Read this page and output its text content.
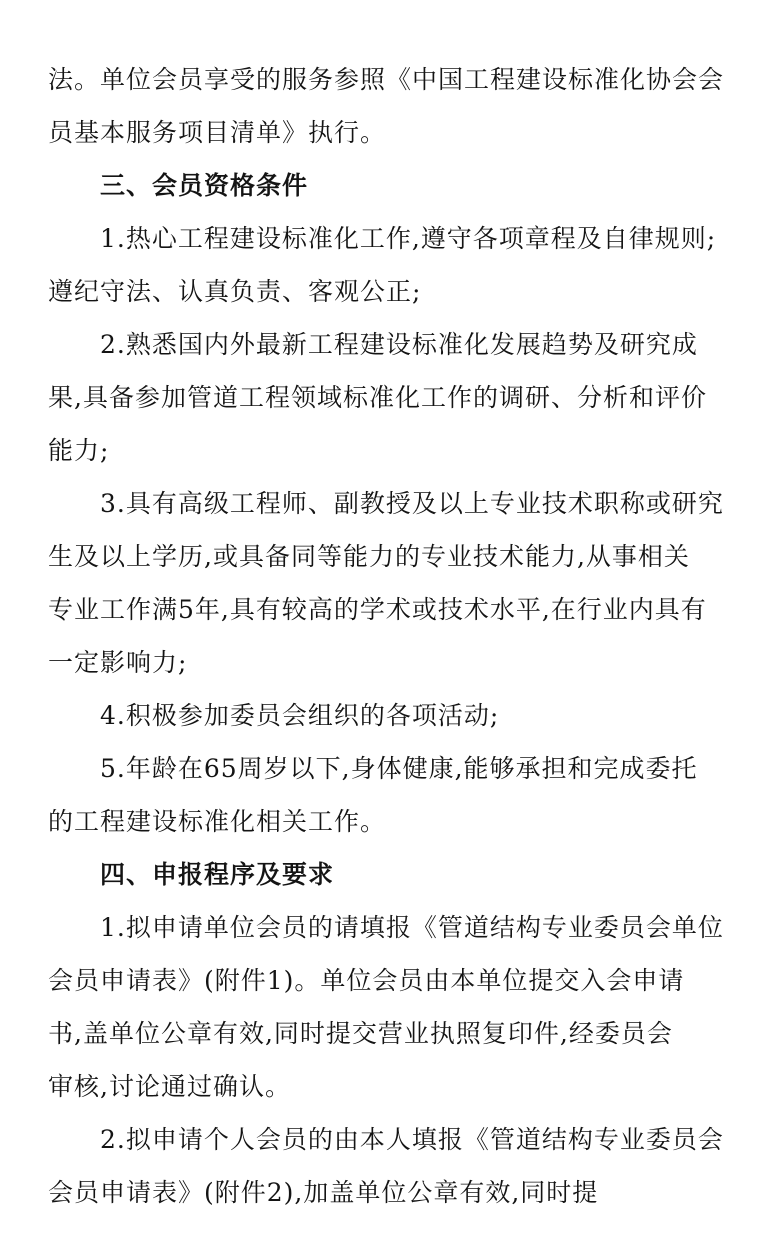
法。单位会员享受的服务参照《中国工程建设标准化协会会
员基本服务项目清单》执行。
三、会员资格条件
1.热心工程建设标准化工作,遵守各项章程及自律规则;
遵纪守法、认真负责、客观公正;
2.熟悉国内外最新工程建设标准化发展趋势及研究成
果,具备参加管道工程领域标准化工作的调研、分析和评价
能力;
3.具有高级工程师、副教授及以上专业技术职称或研究
生及以上学历,或具备同等能力的专业技术能力,从事相关
专业工作满5年,具有较高的学术或技术水平,在行业内具有
一定影响力;
4.积极参加委员会组织的各项活动;
5.年龄在65周岁以下,身体健康,能够承担和完成委托
的工程建设标准化相关工作。
四、申报程序及要求
1.拟申请单位会员的请填报《管道结构专业委员会单位
会员申请表》(附件1)。单位会员由本单位提交入会申请
书,盖单位公章有效,同时提交营业执照复印件,经委员会
审核,讨论通过确认。
2.拟申请个人会员的由本人填报《管道结构专业委员会
会员申请表》(附件2),加盖单位公章有效,同时提
